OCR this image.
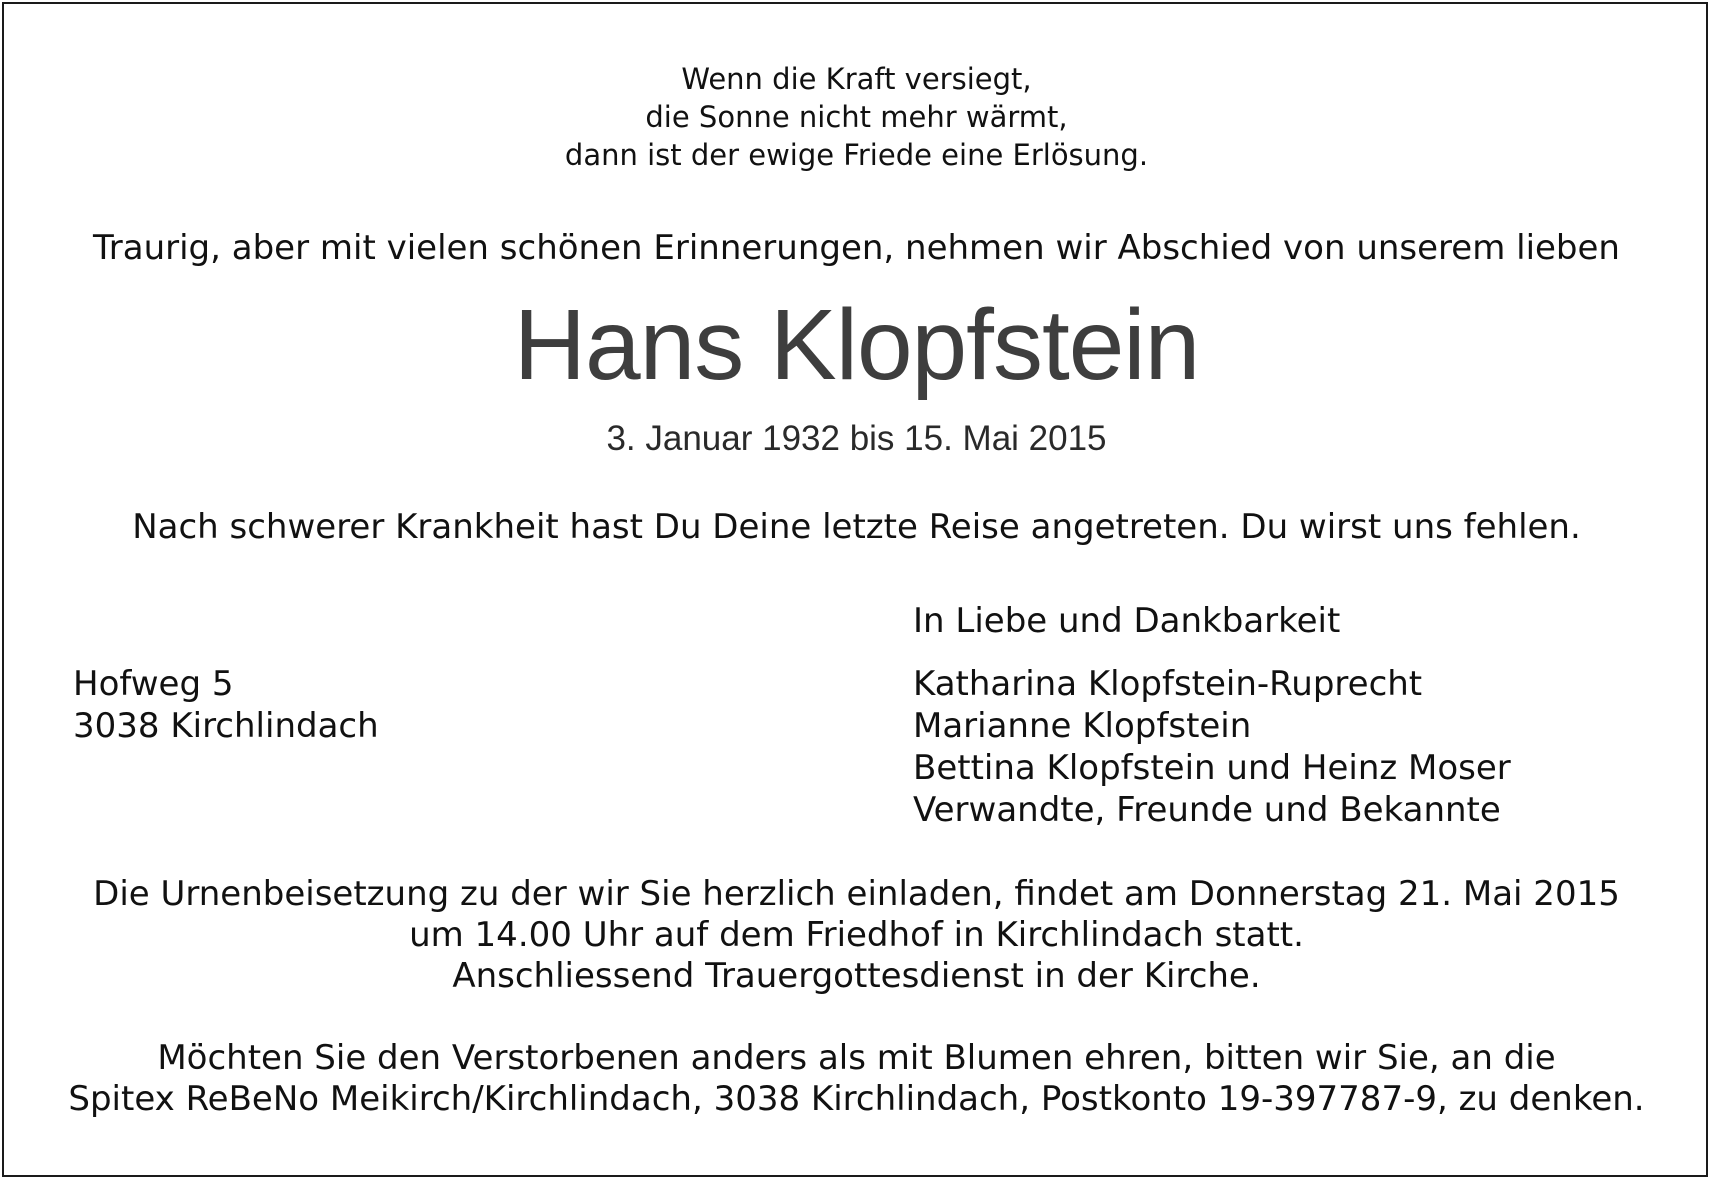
Wenn die Kraft versiegt,
die Sonne nicht mehr wärmt,
dann ist der ewige Friede eine Erlösung.
Traurig, aber mit vielen schönen Erinnerungen, nehmen wir Abschied von unserem lieben
Hans Klopfstein
3. Januar 1932 bis 15. Mai 2015
Nach schwerer Krankheit hast Du Deine letzte Reise angetreten. Du wirst uns fehlen.
In Liebe und Dankbarkeit
Hofweg 5
3038 Kirchlindach
Katharina Klopfstein-Ruprecht
Marianne Klopfstein
Bettina Klopfstein und Heinz Moser
Verwandte, Freunde und Bekannte
Die Urnenbeisetzung zu der wir Sie herzlich einladen, findet am Donnerstag 21. Mai 2015
um 14.00 Uhr auf dem Friedhof in Kirchlindach statt.
Anschliessend Trauergottesdienst in der Kirche.
Möchten Sie den Verstorbenen anders als mit Blumen ehren, bitten wir Sie, an die
Spitex ReBeNo Meikirch/Kirchlindach, 3038 Kirchlindach, Postkonto 19-397787-9, zu denken.
